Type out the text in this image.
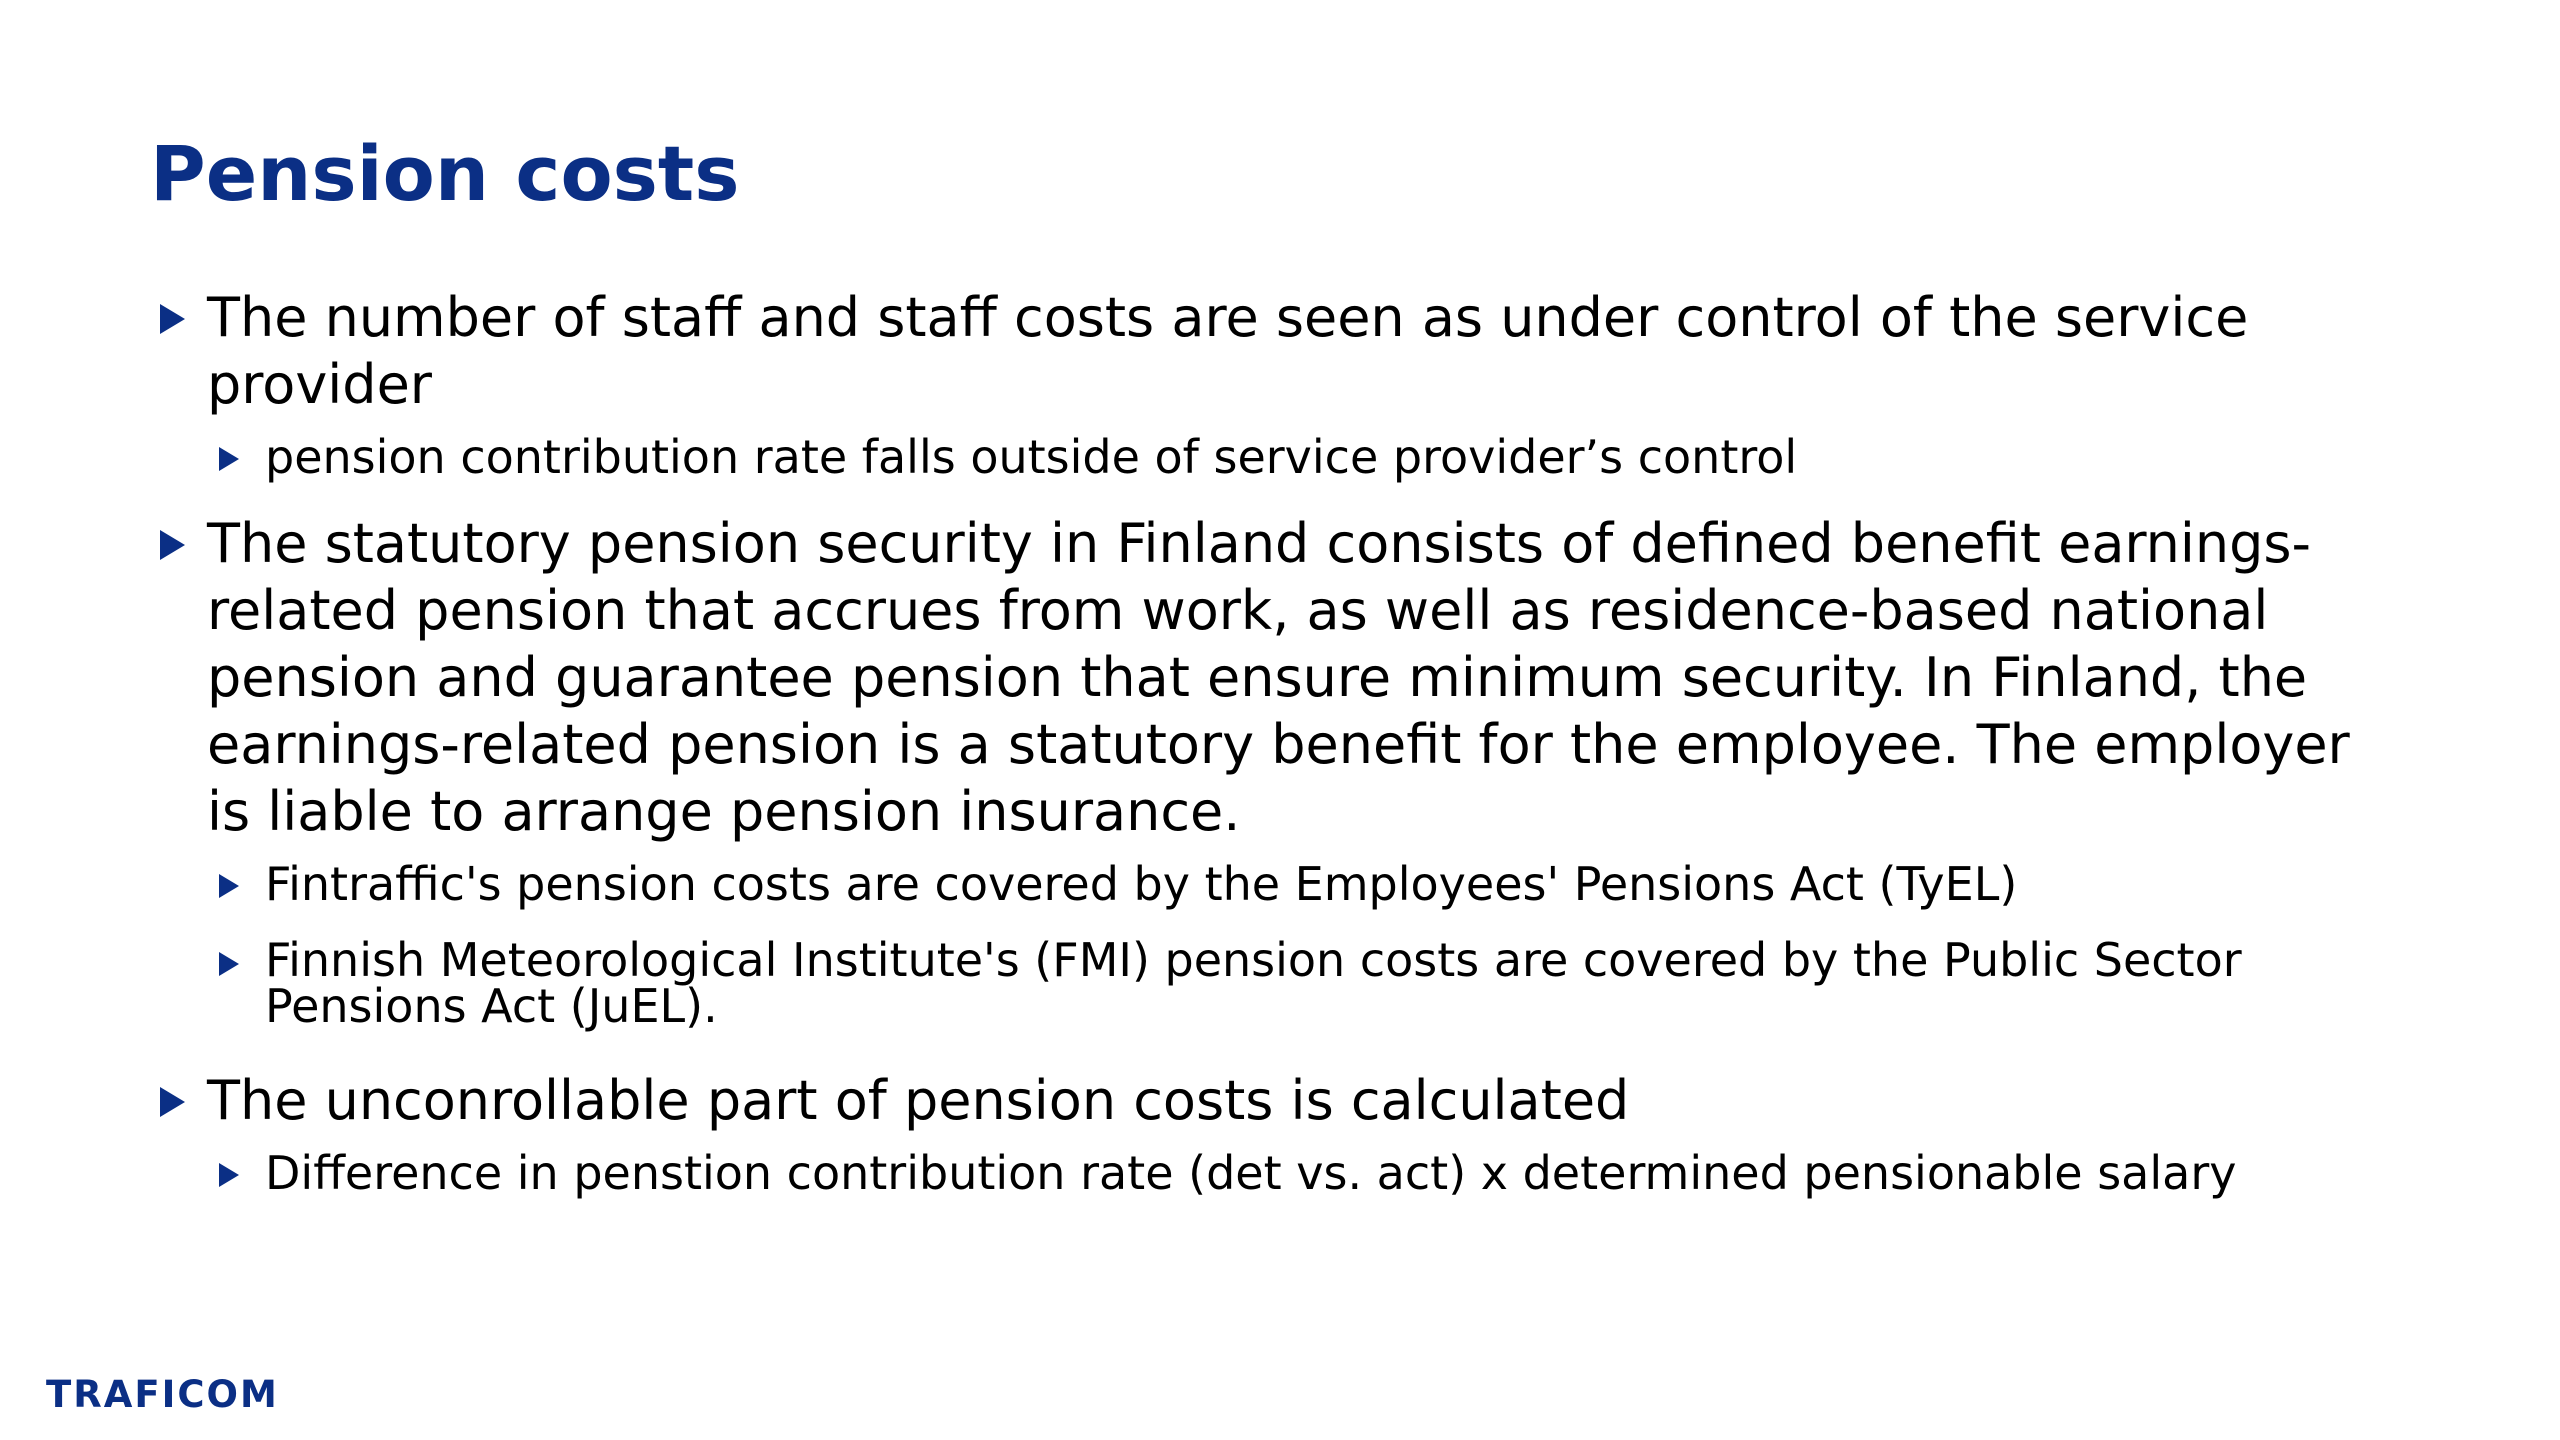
Pension costs
The number of staff and staff costs are seen as under control of the service provider
pension contribution rate falls outside of service provider’s control
The statutory pension security in Finland consists of defined benefit earnings-related pension that accrues from work, as well as residence-based national pension and guarantee pension that ensure minimum security. In Finland, the earnings-related pension is a statutory benefit for the employee. The employer is liable to arrange pension insurance.
Fintraffic's pension costs are covered by the Employees' Pensions Act (TyEL)
Finnish Meteorological Institute's (FMI) pension costs are covered by the Public Sector Pensions Act (JuEL).
The unconrollable part of pension costs is calculated
Difference in penstion contribution rate (det vs. act) x determined pensionable salary
TRAFICOM
